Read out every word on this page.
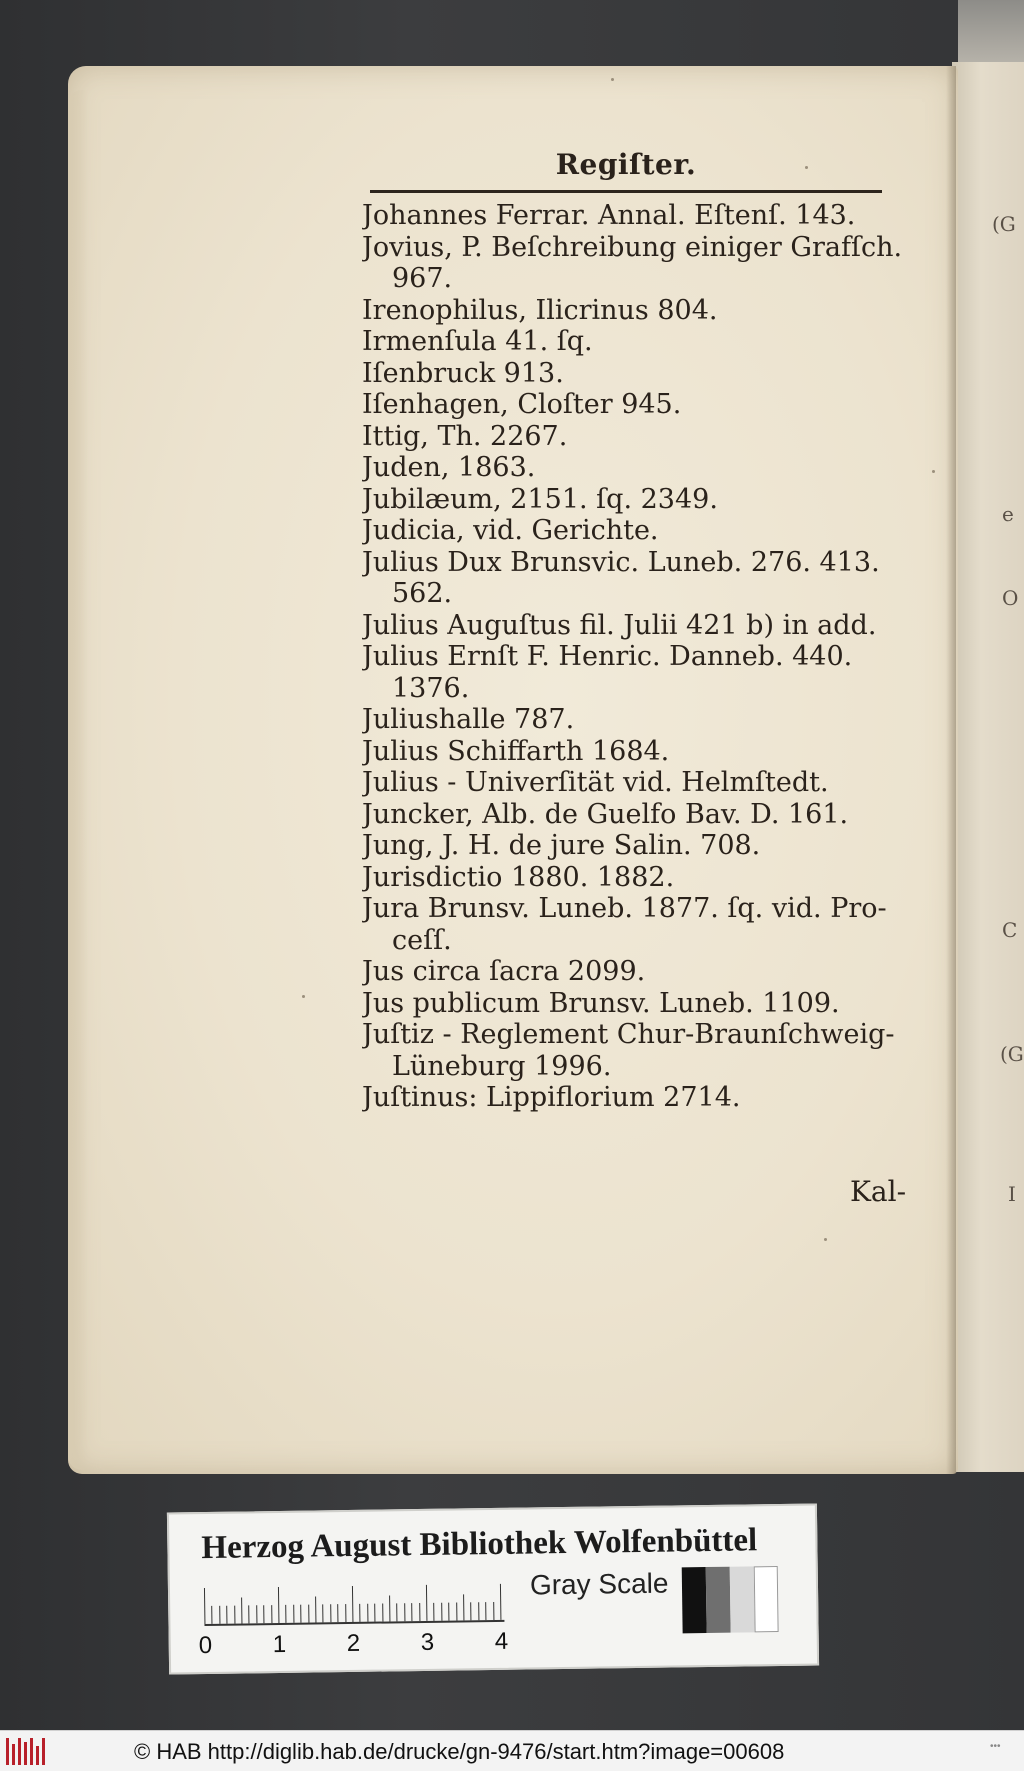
(G
e
O
C
(G
I
Regiſter.
Johannes Ferrar. Annal. Eſtenſ. 143.
Jovius, P. Beſchreibung einiger Grafſch.
967.
Irenophilus, Ilicrinus 804.
Irmenſula 41. ſq.
Iſenbruck 913.
Iſenhagen, Cloſter 945.
Ittig, Th. 2267.
Juden, 1863.
Jubilæum, 2151. ſq. 2349.
Judicia, vid. Gerichte.
Julius Dux Brunsvic. Luneb. 276. 413.
562.
Julius Auguſtus fil. Julii 421 b) in add.
Julius Ernſt F. Henric. Danneb. 440.
1376.
Juliushalle 787.
Julius Schiffarth 1684.
Julius - Univerſität vid. Helmſtedt.
Juncker, Alb. de Guelfo Bav. D. 161.
Jung, J. H. de jure Salin. 708.
Jurisdictio 1880. 1882.
Jura Brunsv. Luneb. 1877. ſq. vid. Pro-
ceſſ.
Jus circa ſacra 2099.
Jus publicum Brunsv. Luneb. 1109.
Juſtiz - Reglement Chur-Braunſchweig-
Lüneburg 1996.
Juſtinus: Lippiflorium 2714.
Kal-
Herzog August Bibliothek Wolfenbüttel
0	1	2	3	4
Gray Scale
© HAB http://diglib.hab.de/drucke/gn-9476/start.htm?image=00608	•••
